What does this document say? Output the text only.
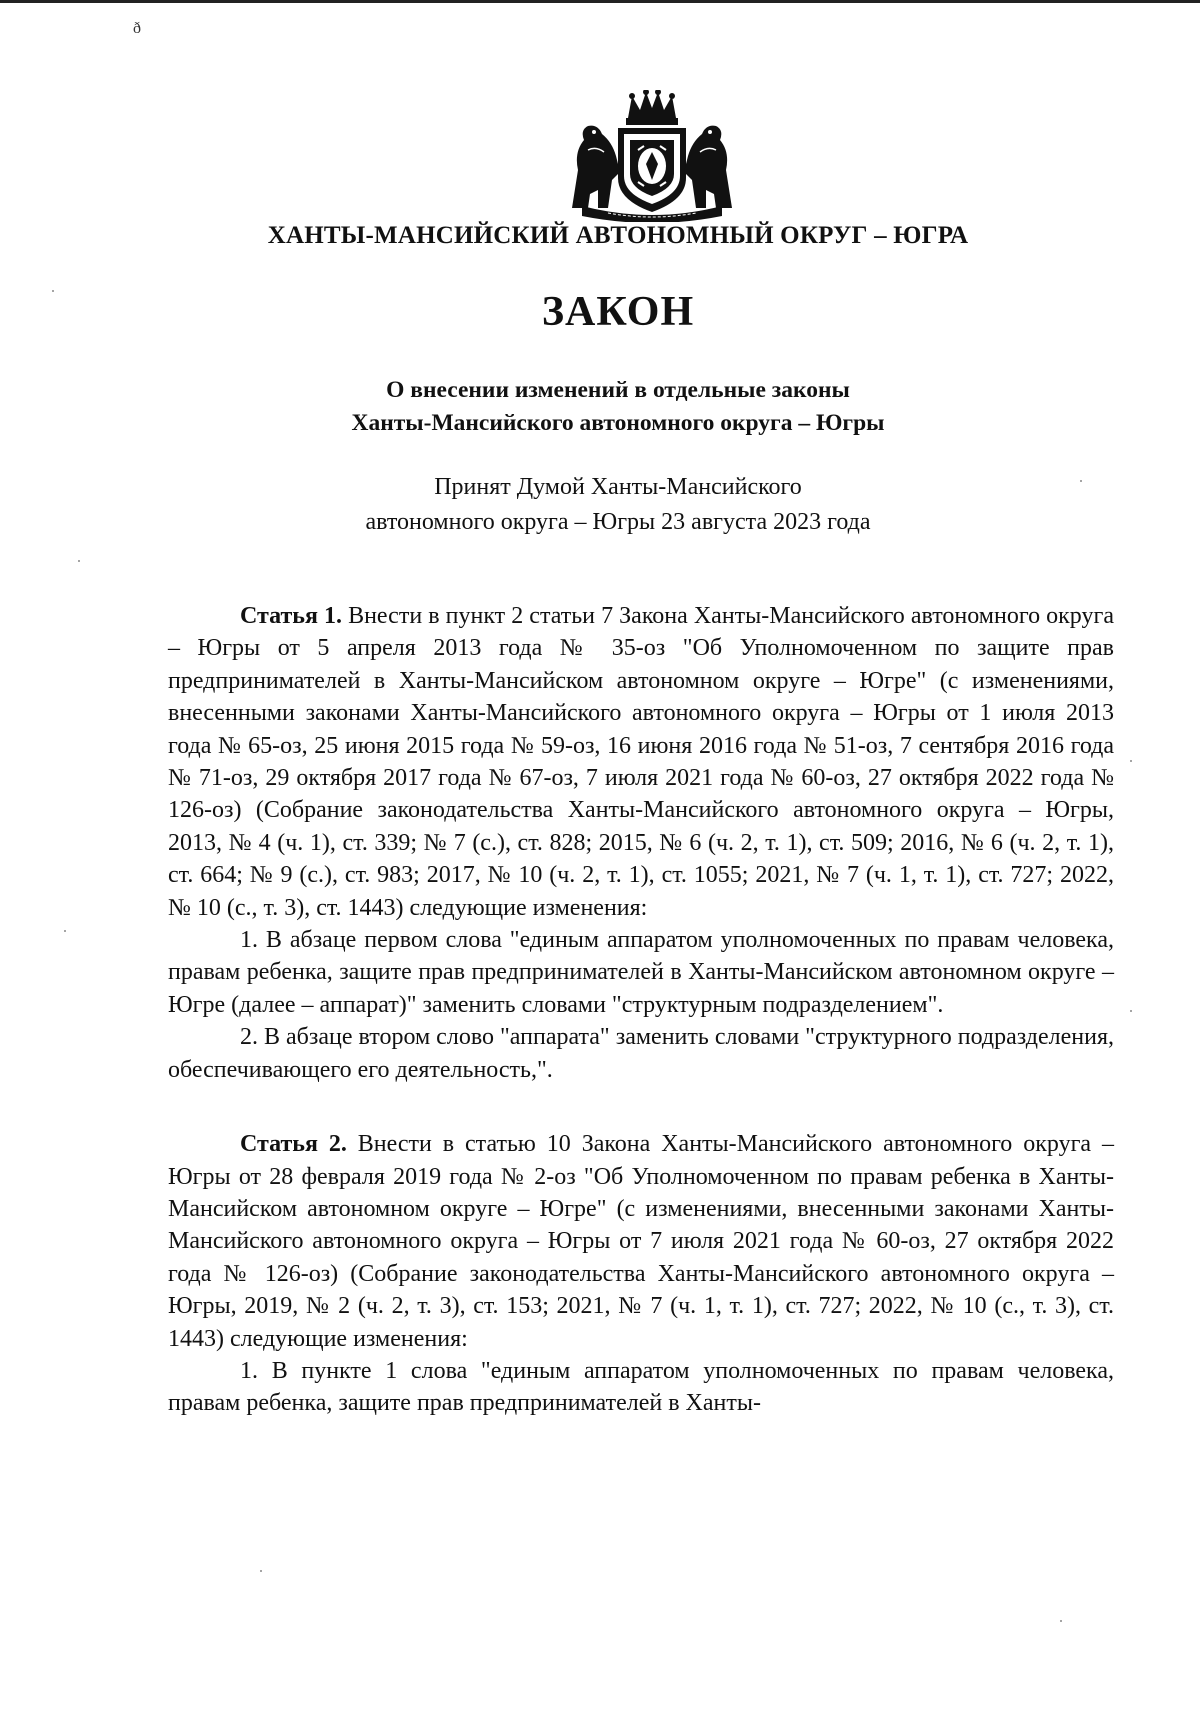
ð
ХАНТЫ-МАНСИЙСКИЙ АВТОНОМНЫЙ ОКРУГ – ЮГРА
ЗАКОН
О внесении изменений в отдельные законы
Ханты-Мансийского автономного округа – Югры
Принят Думой Ханты-Мансийского
автономного округа – Югры 23 августа 2023 года

Статья 1. Внести в пункт 2 статьи 7 Закона Ханты-Мансийского автономного округа – Югры от 5 апреля 2013 года № 35-оз "Об Уполномоченном по защите прав предпринимателей в Ханты-Мансийском автономном округе – Югре" (с изменениями, внесенными законами Ханты-Мансийского автономного округа – Югры от 1 июля 2013 года № 65-оз, 25 июня 2015 года № 59-оз, 16 июня 2016 года № 51-оз, 7 сентября 2016 года № 71-оз, 29 октября 2017 года № 67-оз, 7 июля 2021 года № 60-оз, 27 октября 2022 года № 126-оз) (Собрание законодательства Ханты-Мансийского автономного округа – Югры, 2013, № 4 (ч. 1), ст. 339; № 7 (с.), ст. 828; 2015, № 6 (ч. 2, т. 1), ст. 509; 2016, № 6 (ч. 2, т. 1), ст. 664; № 9 (с.), ст. 983; 2017, № 10 (ч. 2, т. 1), ст. 1055; 2021, № 7 (ч. 1, т. 1), ст. 727; 2022, № 10 (с., т. 3), ст. 1443) следующие изменения:

1. В абзаце первом слова "единым аппаратом уполномоченных по правам человека, правам ребенка, защите прав предпринимателей в Ханты-Мансийском автономном округе – Югре (далее – аппарат)" заменить словами "структурным подразделением".

2. В абзаце втором слово "аппарата" заменить словами "структурного подразделения, обеспечивающего его деятельность,".

Статья 2. Внести в статью 10 Закона Ханты-Мансийского автономного округа – Югры от 28 февраля 2019 года № 2-оз "Об Уполномоченном по правам ребенка в Ханты-Мансийском автономном округе – Югре" (с изменениями, внесенными законами Ханты-Мансийского автономного округа – Югры от 7 июля 2021 года № 60-оз, 27 октября 2022 года № 126-оз) (Собрание законодательства Ханты-Мансийского автономного округа – Югры, 2019, № 2 (ч. 2, т. 3), ст. 153; 2021, № 7 (ч. 1, т. 1), ст. 727; 2022, № 10 (с., т. 3), ст. 1443) следующие изменения:

1. В пункте 1 слова "единым аппаратом уполномоченных по правам человека, правам ребенка, защите прав предпринимателей в Ханты-
